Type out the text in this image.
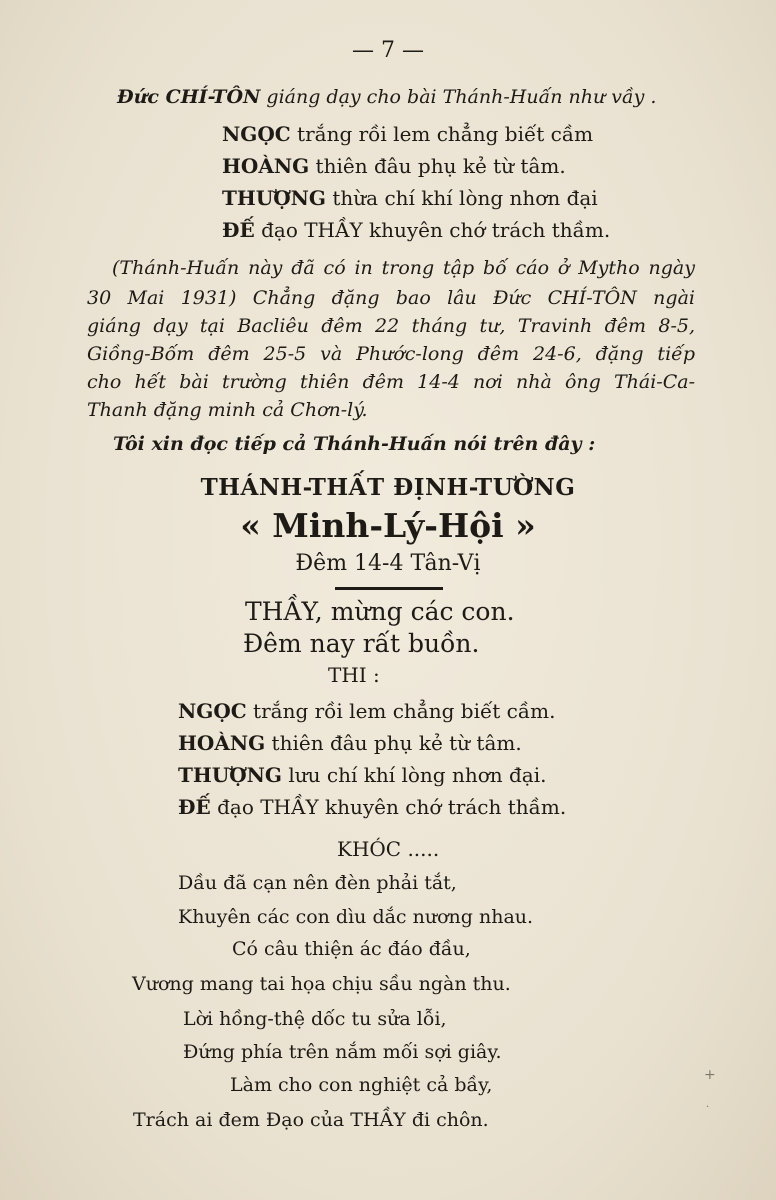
— 7 —
Đức CHÍ-TÔN giáng dạy cho bài Thánh-Huấn như vầy .
NGỌC trắng rồi lem chẳng biết cầm
HOÀNG thiên đâu phụ kẻ từ tâm.
THƯỢNG thừa chí khí lòng nhơn đại
ĐẾ đạo THẦY khuyên chớ trách thầm.
(Thánh-Huấn này đã có in trong tập bố cáo ở Mytho ngày
30 Mai 1931) Chẳng đặng bao lâu Đức CHÍ-TÔN ngài
giáng dạy tại Bacliêu đêm 22 tháng tư, Travinh đêm 8-5,
Giồng-Bốm đêm 25-5 và Phước-long đêm 24-6, đặng tiếp
cho hết bài trường thiên đêm 14-4 nơi nhà ông Thái-Ca-
Thanh đặng minh cả Chơn-lý.
Tôi xin đọc tiếp cả Thánh-Huấn nói trên đây :
THÁNH-THẤT ĐỊNH-TƯỜNG
« Minh-Lý-Hội »
Đêm 14-4 Tân-Vị
THẦY, mừng các con.
Đêm nay rất buồn.
THI :
NGỌC trắng rồi lem chẳng biết cầm.
HOÀNG thiên đâu phụ kẻ từ tâm.
THƯỢNG lưu chí khí lòng nhơn đại.
ĐẾ đạo THẦY khuyên chớ trách thầm.
KHÓC .....
Dầu đã cạn nên đèn phải tắt,
Khuyên các con dìu dắc nương nhau.
Có câu thiện ác đáo đầu,
Vương mang tai họa chịu sầu ngàn thu.
Lời hồng-thệ dốc tu sửa lỗi,
Đứng phía trên nắm mối sợi giây.
Làm cho con nghiệt cả bầy,
Trách ai đem Đạo của THẦY đi chôn.
+
·
